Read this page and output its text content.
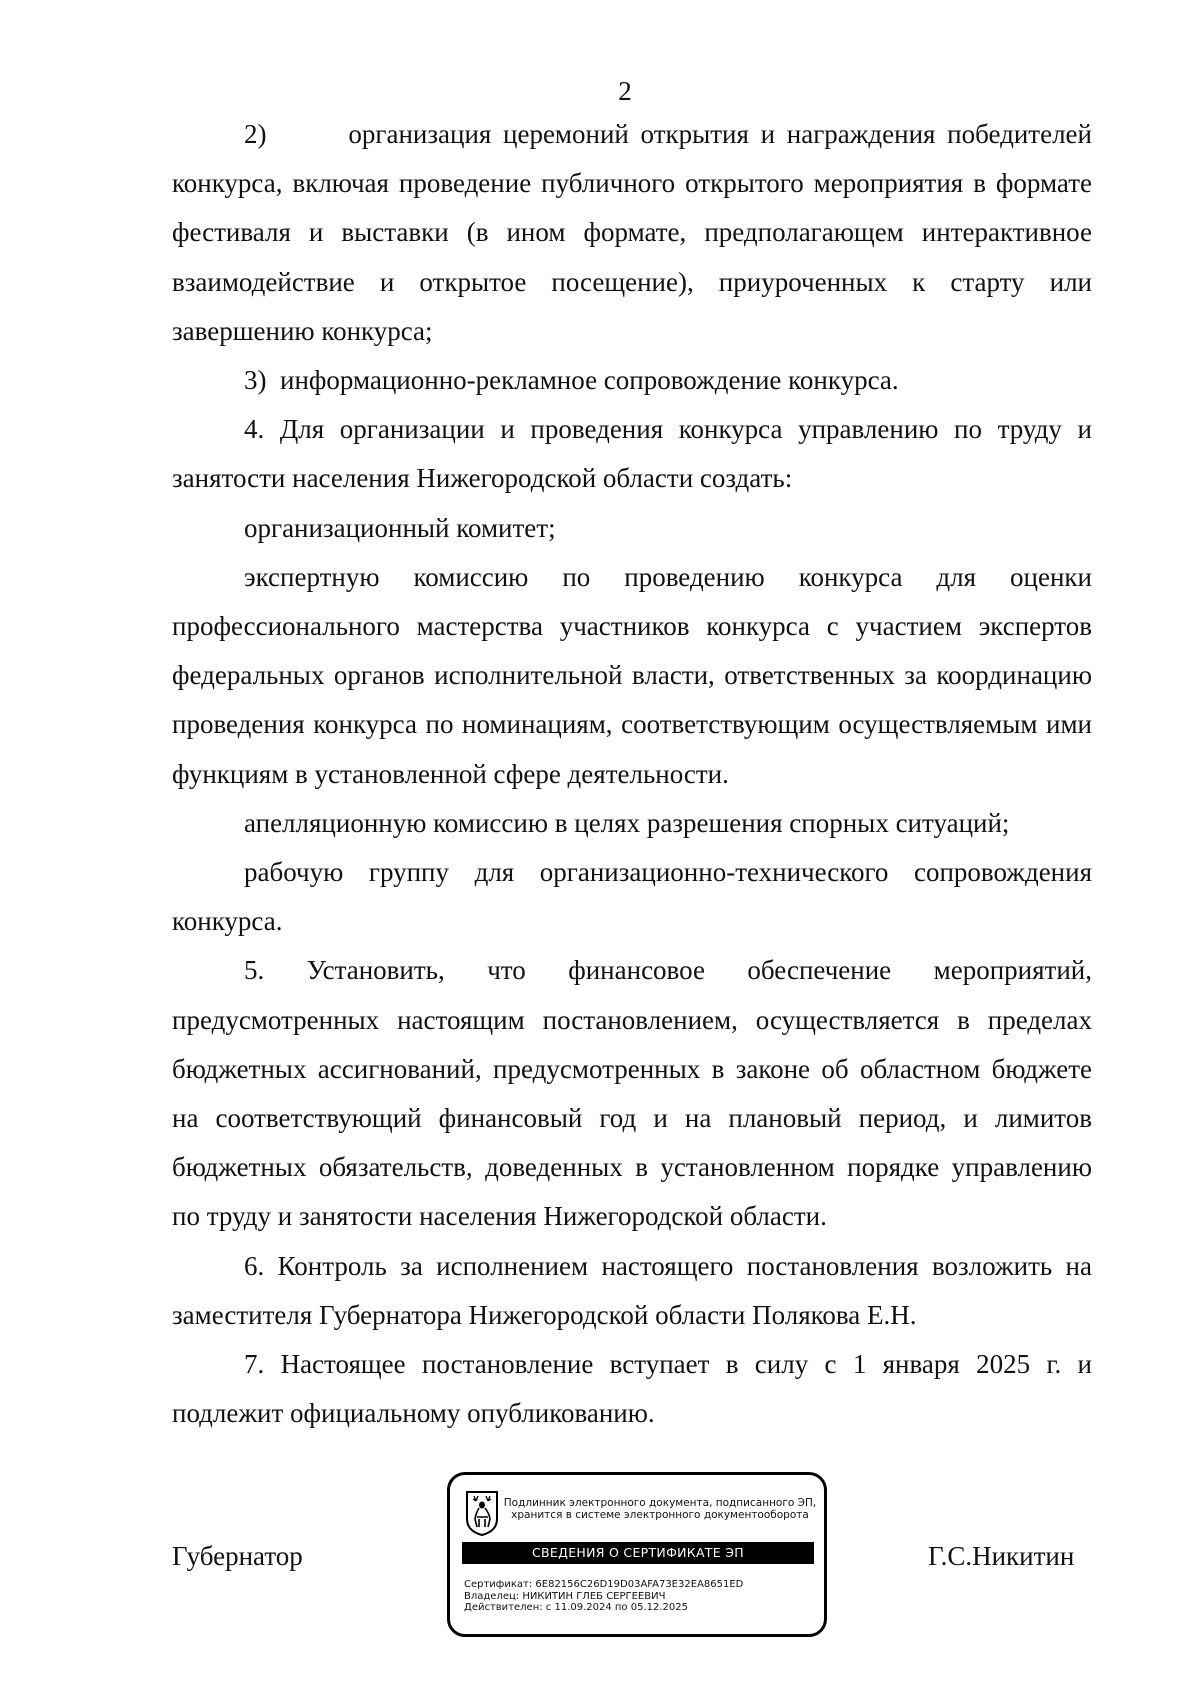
2

2)       организация церемоний открытия и награждения победителей конкурса, включая проведение публичного открытого мероприятия в формате фестиваля и выставки (в ином формате, предполагающем интерактивное взаимодействие и открытое посещение), приуроченных к старту или завершению конкурса;

3)  информационно-рекламное сопровождение конкурса.

4. Для организации и проведения конкурса управлению по труду и занятости населения Нижегородской области создать:

организационный комитет;

экспертную комиссию по проведению конкурса для оценки профессионального мастерства участников конкурса с участием экспертов федеральных органов исполнительной власти, ответственных за координацию проведения конкурса по номинациям, соответствующим осуществляемым ими функциям в установленной сфере деятельности.

апелляционную комиссию в целях разрешения спорных ситуаций;

рабочую группу для организационно-технического сопровождения конкурса.

5. Установить, что финансовое обеспечение мероприятий, предусмотренных настоящим постановлением, осуществляется в пределах бюджетных ассигнований, предусмотренных в законе об областном бюджете на соответствующий финансовый год и на плановый период, и лимитов бюджетных обязательств, доведенных в установленном порядке управлению по труду и занятости населения Нижегородской области.

6. Контроль за исполнением настоящего постановления возложить на заместителя Губернатора Нижегородской области Полякова Е.Н.

7. Настоящее постановление вступает в силу с 1 января 2025 г. и подлежит официальному опубликованию.

Губернатор	Г.С.Никитин
Подлинник электронного документа, подписанного ЭП,
хранится в системе электронного документооборота
СВЕДЕНИЯ О СЕРТИФИКАТЕ ЭП
Сертификат: 6E82156C26D19D03AFA73E32EA8651ED
Владелец: НИКИТИН ГЛЕБ СЕРГЕЕВИЧ
Действителен: с 11.09.2024 по 05.12.2025
